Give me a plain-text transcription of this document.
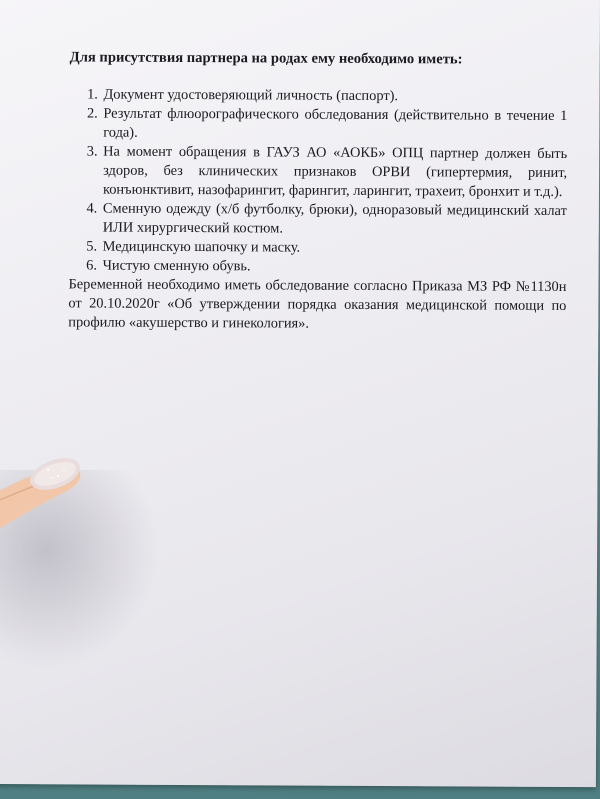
Для присутствия партнера на родах ему необходимо иметь:
1. Документ удостоверяющий личность (паспорт).
2. Результат флюорографического обследования (действительно в течение 1 года).
3. На момент обращения в ГАУЗ АО «АОКБ» ОПЦ партнер должен быть здоров, без клинических признаков ОРВИ (гипертермия, ринит, конъюнктивит, назофарингит, фарингит, ларингит, трахеит, бронхит и т.д.).
4. Сменную одежду (х/б футболку, брюки), одноразовый медицинский халат ИЛИ хирургический костюм.
5. Медицинскую шапочку и маску.
6. Чистую сменную обувь.
Беременной необходимо иметь обследование согласно Приказа МЗ РФ №1130н от 20.10.2020г «Об утверждении порядка оказания медицинской помощи по профилю «акушерство и гинекология».
